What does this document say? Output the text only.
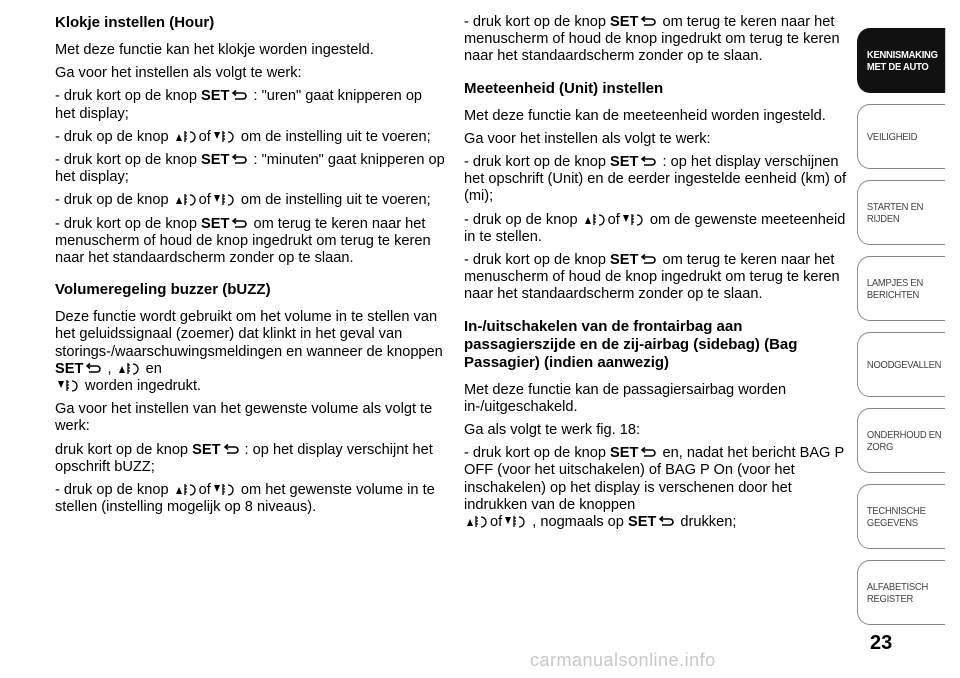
Klokje instellen (Hour)

Met deze functie kan het klokje worden ingesteld.

Ga voor het instellen als volgt te werk:

- druk kort op de knop SET : "uren" gaat knipperen op het display;

- druk op de knop of om de instelling uit te voeren;

- druk kort op de knop SET : "minuten" gaat knipperen op het display;

- druk op de knop of om de instelling uit te voeren;

- druk kort op de knop SET om terug te keren naar het menuscherm of houd de knop ingedrukt om terug te keren naar het standaardscherm zonder op te slaan.

Volumeregeling buzzer (bUZZ)

Deze functie wordt gebruikt om het volume in te stellen van het geluidssignaal (zoemer) dat klinkt in het geval van storings-/waarschuwingsmeldingen en wanneer de knoppen SET ,  en
worden ingedrukt.

Ga voor het instellen van het gewenste volume als volgt te werk:

druk kort op de knop SET : op het display verschijnt het opschrift bUZZ;

- druk op de knop of om het gewenste volume in te stellen (instelling mogelijk op 8 niveaus).

- druk kort op de knop SET om terug te keren naar het menuscherm of houd de knop ingedrukt om terug te keren naar het standaardscherm zonder op te slaan.

Meeteenheid (Unit) instellen

Met deze functie kan de meeteenheid worden ingesteld.

Ga voor het instellen als volgt te werk:

- druk kort op de knop SET : op het display verschijnen het opschrift (Unit) en de eerder ingestelde eenheid (km) of (mi);

- druk op de knop of om de gewenste meeteenheid in te stellen.

- druk kort op de knop SET om terug te keren naar het menuscherm of houd de knop ingedrukt om terug te keren naar het standaardscherm zonder op te slaan.

In-/uitschakelen van de frontairbag aan passagierszijde en de zij-airbag (sidebag) (Bag Passagier) (indien aanwezig)

Met deze functie kan de passagiersairbag worden in-/uitgeschakeld.

Ga als volgt te werk fig. 18:

- druk kort op de knop SET en, nadat het bericht BAG P OFF (voor het uitschakelen) of BAG P On (voor het inschakelen) op het display is verschenen door het indrukken van de knoppen
of , nogmaals op SET drukken;

KENNISMAKING MET DE AUTO
VEILIGHEID
STARTEN EN RIJDEN
LAMPJES EN BERICHTEN
NOODGEVALLEN
ONDERHOUD EN ZORG
TECHNISCHE GEGEVENS
ALFABETISCH REGISTER
23
carmanualsonline.info
